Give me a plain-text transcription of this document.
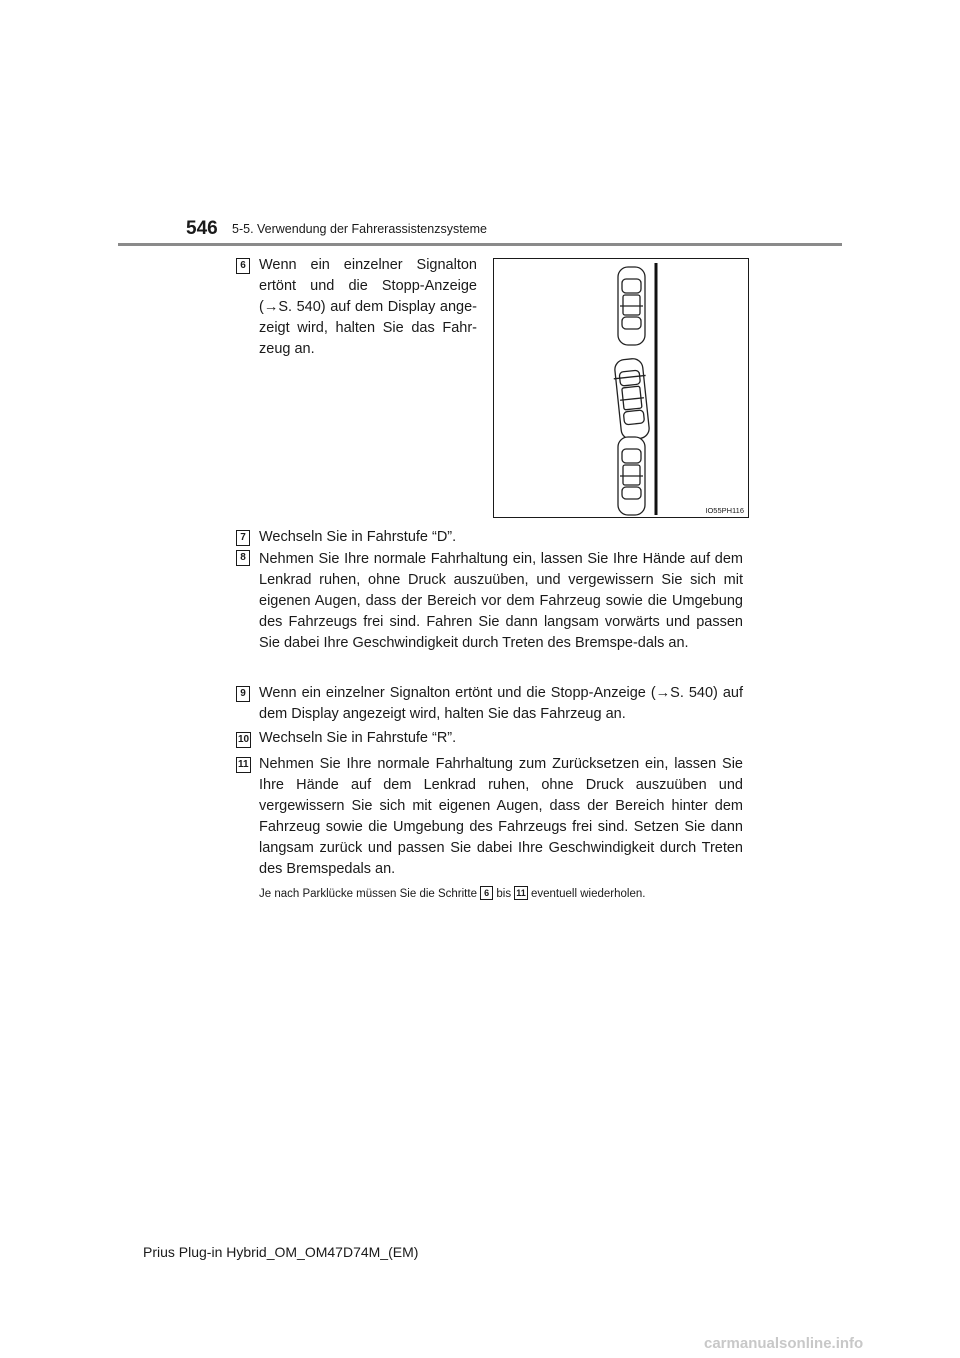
546 5-5. Verwendung der Fahrerassistenzsysteme
6 Wenn ein einzelner Signalton ertönt und die Stopp-Anzeige (→S. 540) auf dem Display ange-zeigt wird, halten Sie das Fahr-zeug an.

IO55PH116
7 Wechseln Sie in Fahrstufe “D”.

8 Nehmen Sie Ihre normale Fahrhaltung ein, lassen Sie Ihre Hände auf dem Lenkrad ruhen, ohne Druck auszuüben, und vergewissern Sie sich mit eigenen Augen, dass der Bereich vor dem Fahrzeug sowie die Umgebung des Fahrzeugs frei sind. Fahren Sie dann langsam vorwärts und passen Sie dabei Ihre Geschwindigkeit durch Treten des Bremspe-dals an.

9 Wenn ein einzelner Signalton ertönt und die Stopp-Anzeige (→S. 540) auf dem Display angezeigt wird, halten Sie das Fahrzeug an.

10 Wechseln Sie in Fahrstufe “R”.

11 Nehmen Sie Ihre normale Fahrhaltung zum Zurücksetzen ein, lassen Sie Ihre Hände auf dem Lenkrad ruhen, ohne Druck auszuüben und vergewissern Sie sich mit eigenen Augen, dass der Bereich hinter dem Fahrzeug sowie die Umgebung des Fahrzeugs frei sind. Setzen Sie dann langsam zurück und passen Sie dabei Ihre Geschwindigkeit durch Treten des Bremspedals an.

Je nach Parklücke müssen Sie die Schritte 6 bis 11 eventuell wiederholen.

Prius Plug-in Hybrid_OM_OM47D74M_(EM)
carmanualsonline.info
